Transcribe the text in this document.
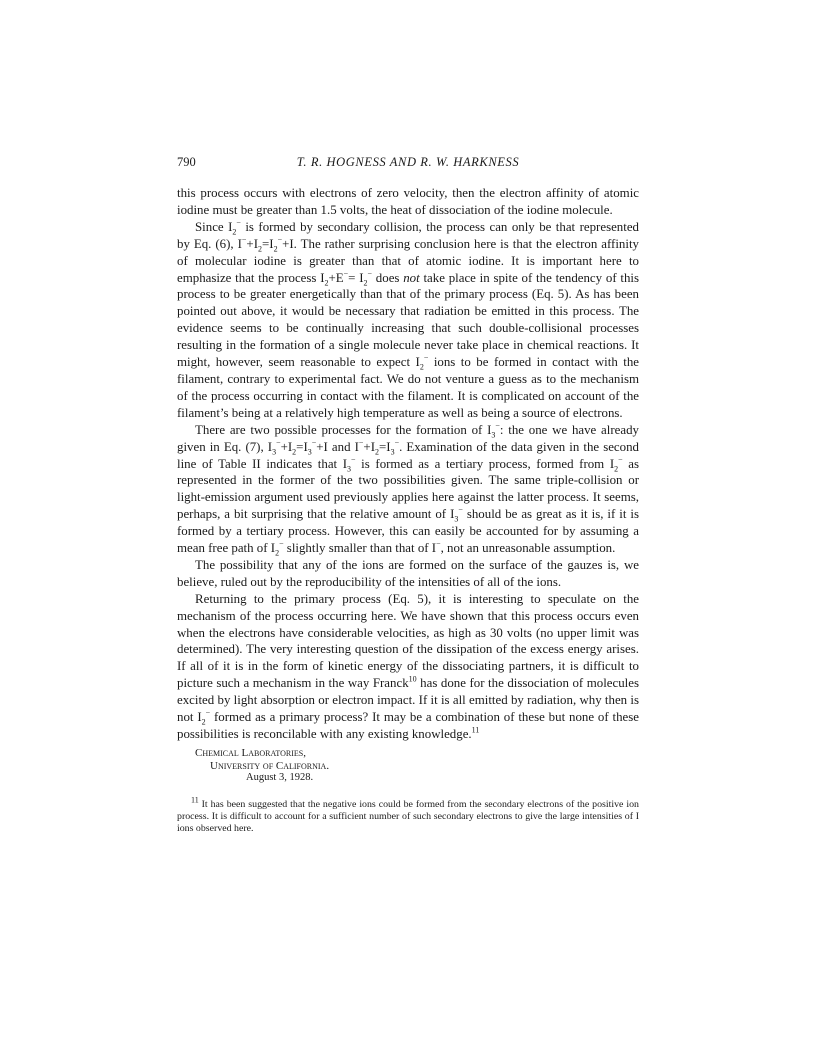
790	T. R. HOGNESS AND R. W. HARKNESS

this process occurs with electrons of zero velocity, then the electron affinity of atomic iodine must be greater than 1.5 volts, the heat of dissociation of the iodine molecule.

Since $I_2^-$ is formed by secondary collision, the process can only be that represented by Eq. (6), $I^-+I_2=I_2^-+I$. The rather surprising conclusion here is that the electron affinity of molecular iodine is greater than that of atomic iodine. It is important here to emphasize that the process $I_2+E^-= I_2^-$ does not take place in spite of the tendency of this process to be greater energetically than that of the primary process (Eq. 5). As has been pointed out above, it would be necessary that radiation be emitted in this process. The evidence seems to be continually increasing that such double-collisional processes resulting in the formation of a single molecule never take place in chemical reactions. It might, however, seem reasonable to expect $I_2^-$ ions to be formed in contact with the filament, contrary to experimental fact. We do not venture a guess as to the mechanism of the process occurring in contact with the filament. It is complicated on account of the filament’s being at a relatively high temperature as well as being a source of electrons.

There are two possible processes for the formation of $I_3^-$: the one we have already given in Eq. (7), $I_3^-+I_2=I_3^-+I$ and $I^-+I_2=I_3^-$. Examination of the data given in the second line of Table II indicates that $I_3^-$ is formed as a tertiary process, formed from $I_2^-$ as represented in the former of the two possibilities given. The same triple-collision or light-emission argument used previously applies here against the latter process. It seems, perhaps, a bit surprising that the relative amount of $I_3^-$ should be as great as it is, if it is formed by a tertiary process. However, this can easily be accounted for by assuming a mean free path of $I_2^-$ slightly smaller than that of I−, not an unreasonable assumption.

The possibility that any of the ions are formed on the surface of the gauzes is, we believe, ruled out by the reproducibility of the intensities of all of the ions.

Returning to the primary process (Eq. 5), it is interesting to speculate on the mechanism of the process occurring here. We have shown that this process occurs even when the electrons have considerable velocities, as high as 30 volts (no upper limit was determined). The very interesting question of the dissipation of the excess energy arises. If all of it is in the form of kinetic energy of the dissociating partners, it is difficult to picture such a mechanism in the way Franck$^{10}$ has done for the dissociation of molecules excited by light absorption or electron impact. If it is all emitted by radiation, why then is not $I_2^-$ formed as a primary process? It may be a combination of these but none of these possibilities is reconcilable with any existing knowledge.$^{11}$

Chemical Laboratories,
University of California.
August 3, 1928.
$^{11}$ It has been suggested that the negative ions could be formed from the secondary electrons of the positive ion process. It is difficult to account for a sufficient number of such secondary electrons to give the large intensities of I ions observed here.
